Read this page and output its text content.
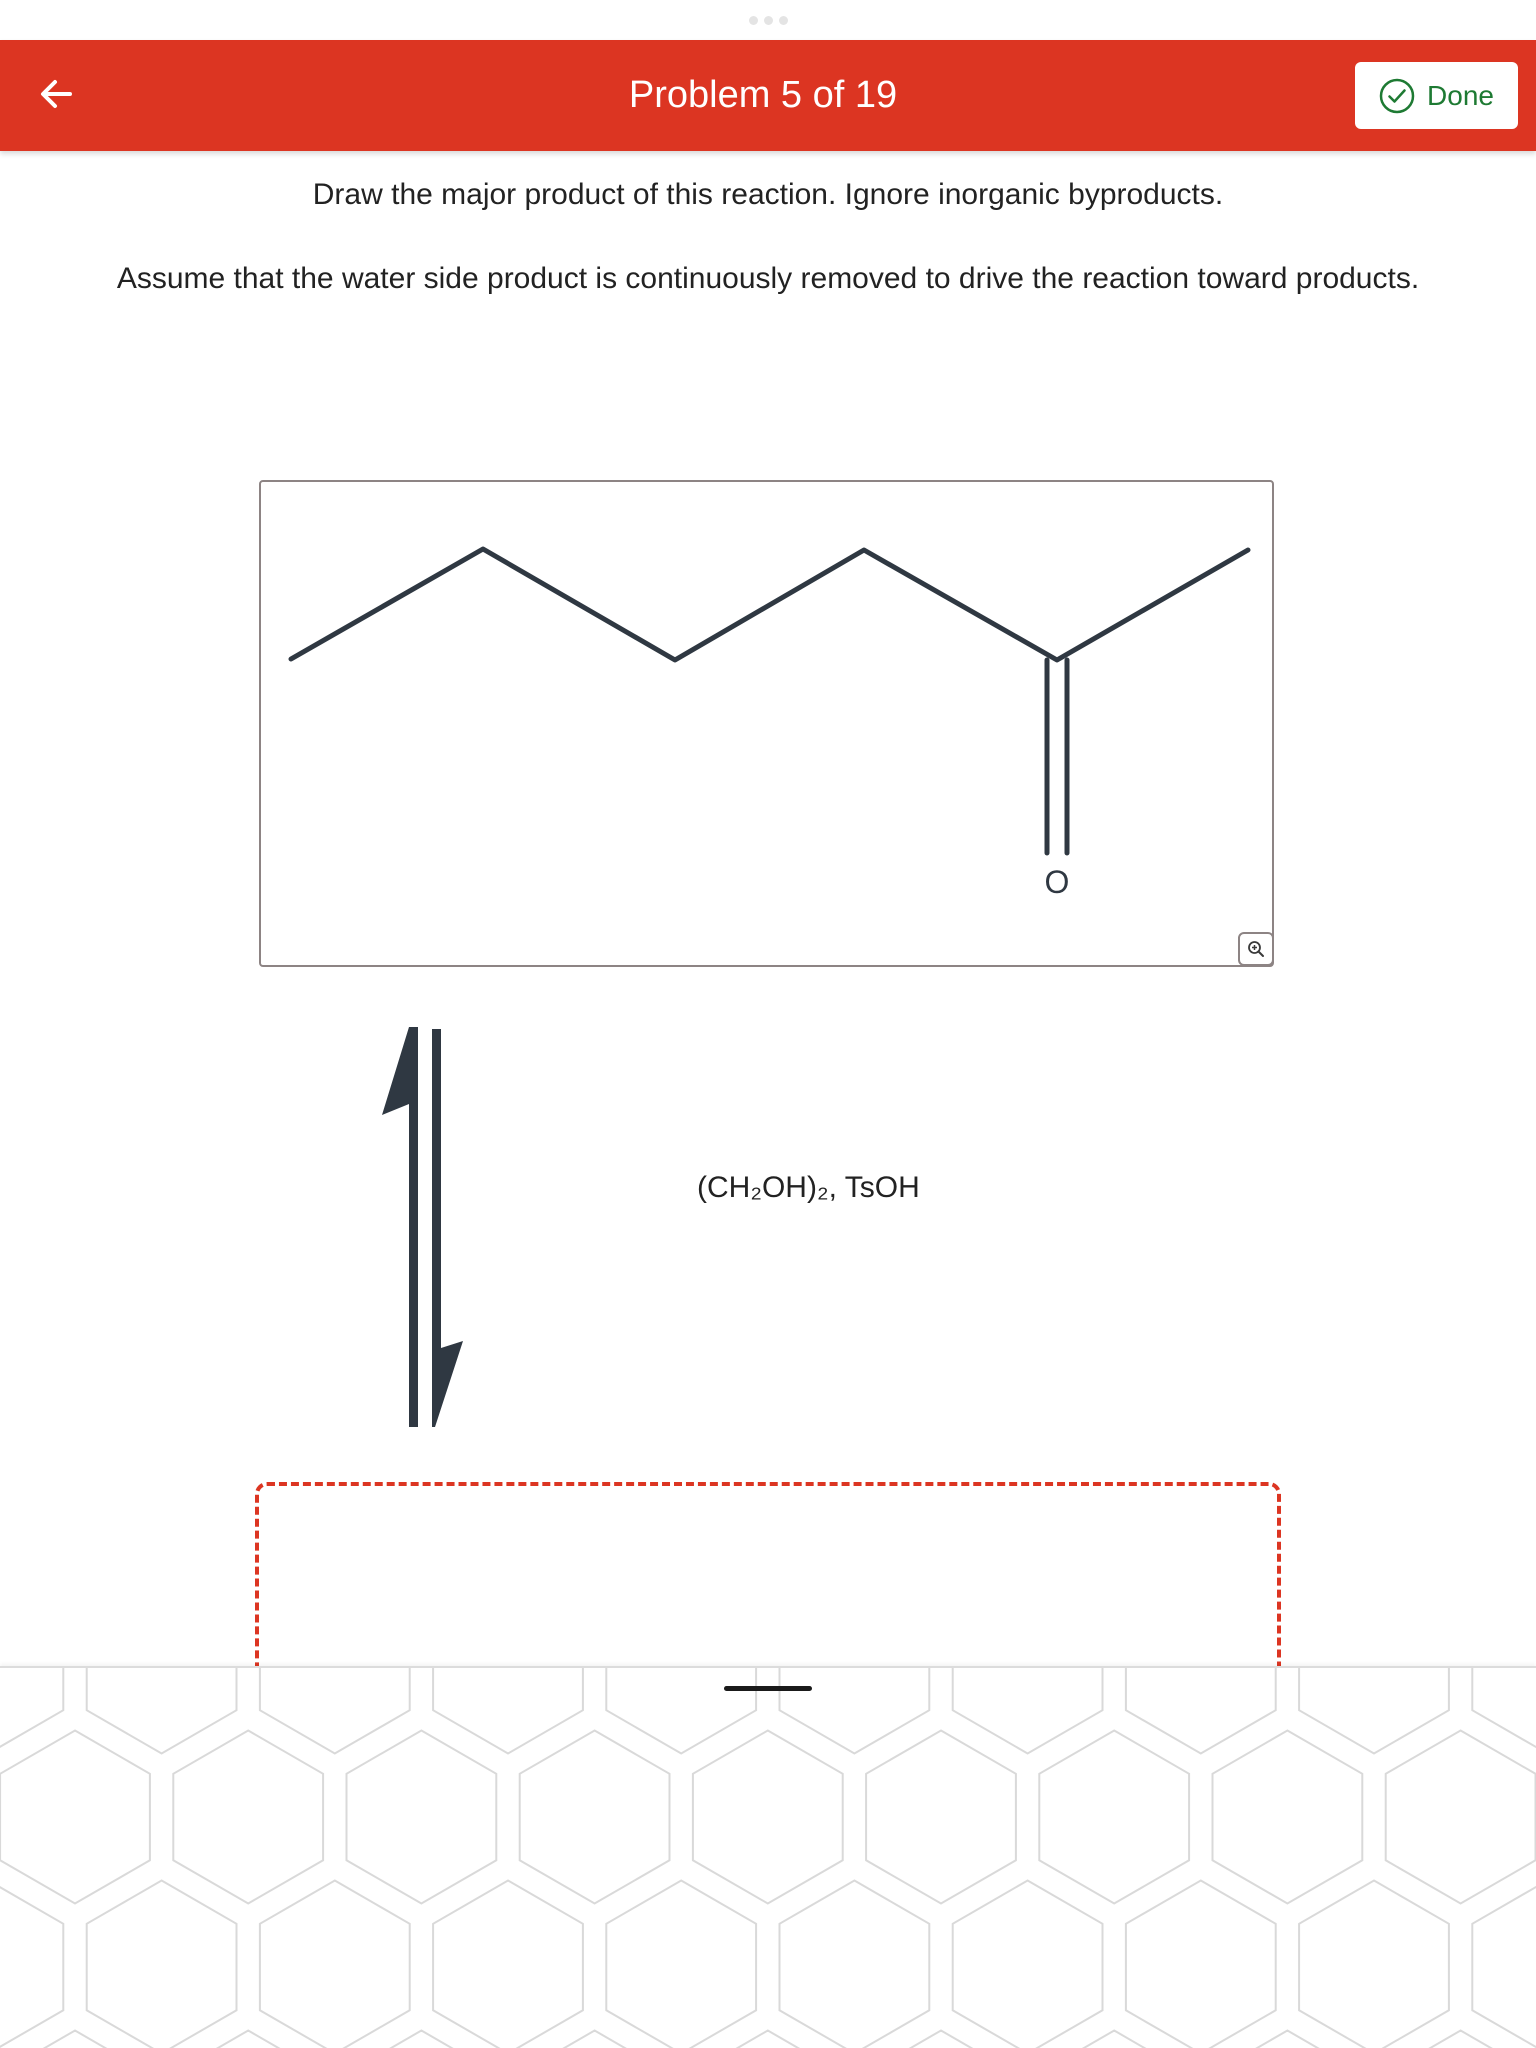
Problem 5 of 19	Done
Draw the major product of this reaction. Ignore inorganic byproducts.
Assume that the water side product is continuously removed to drive the reaction toward products.
O
(CH₂OH)₂, TsOH
